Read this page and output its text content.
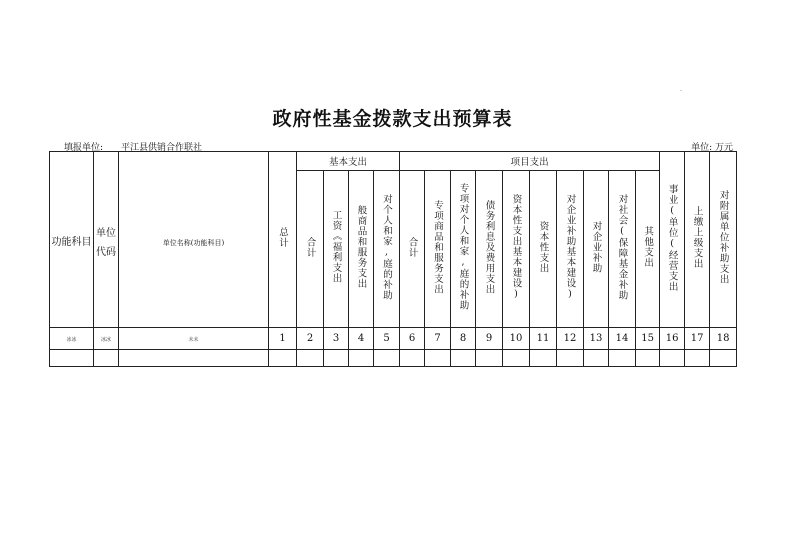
·
政府性基金拨款支出预算表
填报单位: 平江县供销合作联社	单位: 万元
功能科目	单位代码	单位名称(功能科目)	总计	基本支出				项目支出										事业(单位(经营支出	上缴上级支出	对附属单位补助支出
				合计	工资《福利支出	般商品和服务支出	对个人和家,庭的补助	合计	专项商品和服务支出	专项对个人和家,庭的补助	债务利息及费用支出	资本性支出基本建设)	资本性支出	对企业补助基本建设)	对企业补助	对社会(保障基金补助	其他支出			
冰冰	冰冰	未未	1	2	3	4	5	6	7	8	9	10	11	12	13	14	15	16	17	18
